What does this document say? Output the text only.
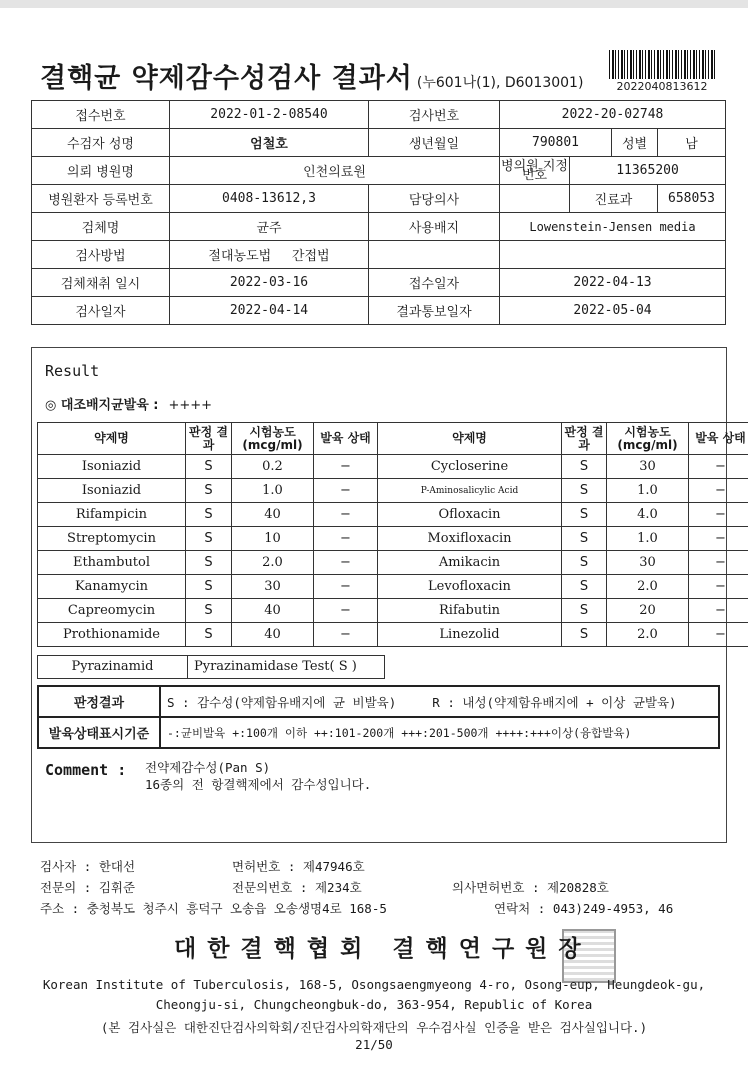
결핵균 약제감수성검사 결과서 (누601나(1), D6013001)	2022040813612
접수번호	2022-01-2-08540	검사번호	2022-20-02748			
수검자 성명	엄철호	생년월일	790801		성별	남
의뢰 병원명	인천의료원		병의원 지정번호	11365200		
병원환자 등록번호	0408-13612,3	담당의사		진료과		658053
검체명	균주	사용배지	Lowenstein-Jensen media			
검사방법	절대농도법 간접법					
검체채취 일시	2022-03-16	접수일자	2022-04-13			
검사일자	2022-04-14	결과통보일자	2022-05-04			
Result
◎ 대조배지균발육 : ++++
약제명	판정 결과	시험농도 (mcg/ml)	발육 상태	약제명	판정 결과	시험농도 (mcg/ml)	발육 상태
Isoniazid	S	0.2	−	Cycloserine	S	30	−
Isoniazid	S	1.0	−	P-Aminosalicylic Acid	S	1.0	−
Rifampicin	S	40	−	Ofloxacin	S	4.0	−
Streptomycin	S	10	−	Moxifloxacin	S	1.0	−
Ethambutol	S	2.0	−	Amikacin	S	30	−
Kanamycin	S	30	−	Levofloxacin	S	2.0	−
Capreomycin	S	40	−	Rifabutin	S	20	−
Prothionamide	S	40	−	Linezolid	S	2.0	−
Pyrazinamid	Pyrazinamidase Test( S )
판정결과	S : 감수성(약제함유배지에 균 비발육) R : 내성(약제함유배지에 + 이상 균발육)
발육상태표시기준	-:균비발육 +:100개 이하 ++:101-200개 +++:201-500개 ++++:+++이상(융합발육)
Comment : 전약제감수성(Pan S)
16종의 전 항결핵제에서 감수성입니다.
검사자 : 한대선	면허번호 : 제47946호
전문의 : 김휘준	전문의번호 : 제234호	의사면허번호 : 제20828호
주소 : 충청북도 청주시 흥덕구 오송읍 오송생명4로 168-5	연락처 : 043)249-4953, 46
대한결핵협회 결핵연구원장
Korean Institute of Tuberculosis, 168-5, Osongsaengmyeong 4-ro, Osong-eup, Heungdeok-gu,
Cheongju-si, Chungcheongbuk-do, 363-954, Republic of Korea
(본 검사실은 대한진단검사의학회/진단검사의학재단의 우수검사실 인증을 받은 검사실입니다.)
21/50
